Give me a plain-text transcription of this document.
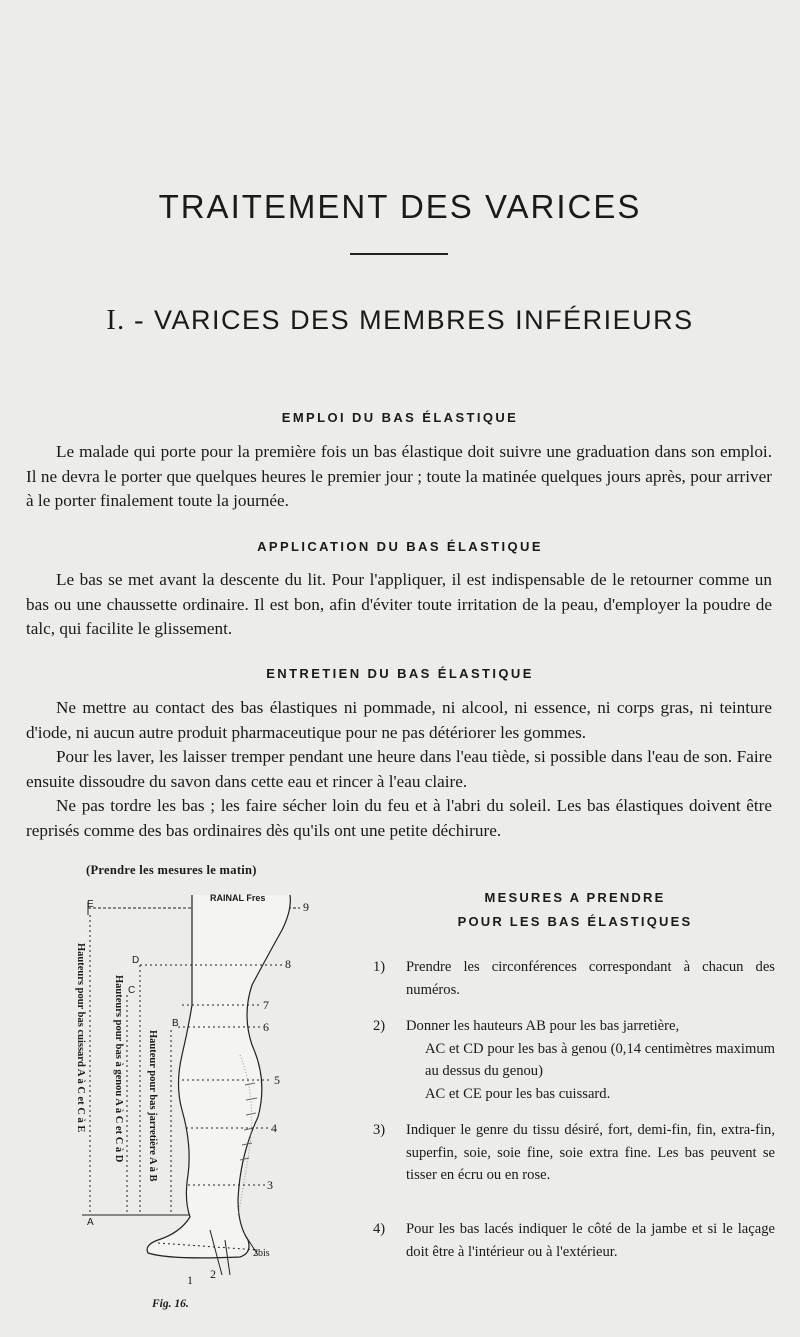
TRAITEMENT DES VARICES
I. - VARICES DES MEMBRES INFÉRIEURS
EMPLOI DU BAS ÉLASTIQUE

Le malade qui porte pour la première fois un bas élastique doit suivre une graduation dans son emploi. Il ne devra le porter que quelques heures le premier jour ; toute la matinée quelques jours après, pour arriver à le porter finalement toute la journée.

APPLICATION DU BAS ÉLASTIQUE

Le bas se met avant la descente du lit. Pour l'appliquer, il est indispensable de le retourner comme un bas ou une chaussette ordinaire. Il est bon, afin d'éviter toute irritation de la peau, d'employer la poudre de talc, qui facilite le glissement.

ENTRETIEN DU BAS ÉLASTIQUE

Ne mettre au contact des bas élastiques ni pommade, ni alcool, ni essence, ni corps gras, ni teinture d'iode, ni aucun autre produit pharmaceutique pour ne pas détériorer les gommes.

Pour les laver, les laisser tremper pendant une heure dans l'eau tiède, si possible dans l'eau de son. Faire ensuite dissoudre du savon dans cette eau et rincer à l'eau claire.

Ne pas tordre les bas ; les faire sécher loin du feu et à l'abri du soleil. Les bas élastiques doivent être reprisés comme des bas ordinaires dès qu'ils ont une petite déchirure.

(Prendre les mesures le matin)
RAINAL Fres
E
D
C
B
A
9
8
7
6
5
4
3
2bis
2
1
Hauteurs pour bas cuissard A à C et C à E	Hauteurs pour bas à genou A à C et C à D Hauteur pour bas jarretière A à B
Fig. 16.
MESURES A PRENDRE
POUR LES BAS ÉLASTIQUES
1) Prendre les circonférences correspondant à chacun des numéros.
2) Donner les hauteurs AB pour les bas jarretière,
AC et CD pour les bas à genou (0,14 centimètres maximum au dessus du genou)
AC et CE pour les bas cuissard.
3) Indiquer le genre du tissu désiré, fort, demi-fin, fin, extra-fin, superfin, soie, soie fine, soie extra fine. Les bas peuvent se tisser en écru ou en rose.
4) Pour les bas lacés indiquer le côté de la jambe et si le laçage doit être à l'intérieur ou à l'extérieur.
